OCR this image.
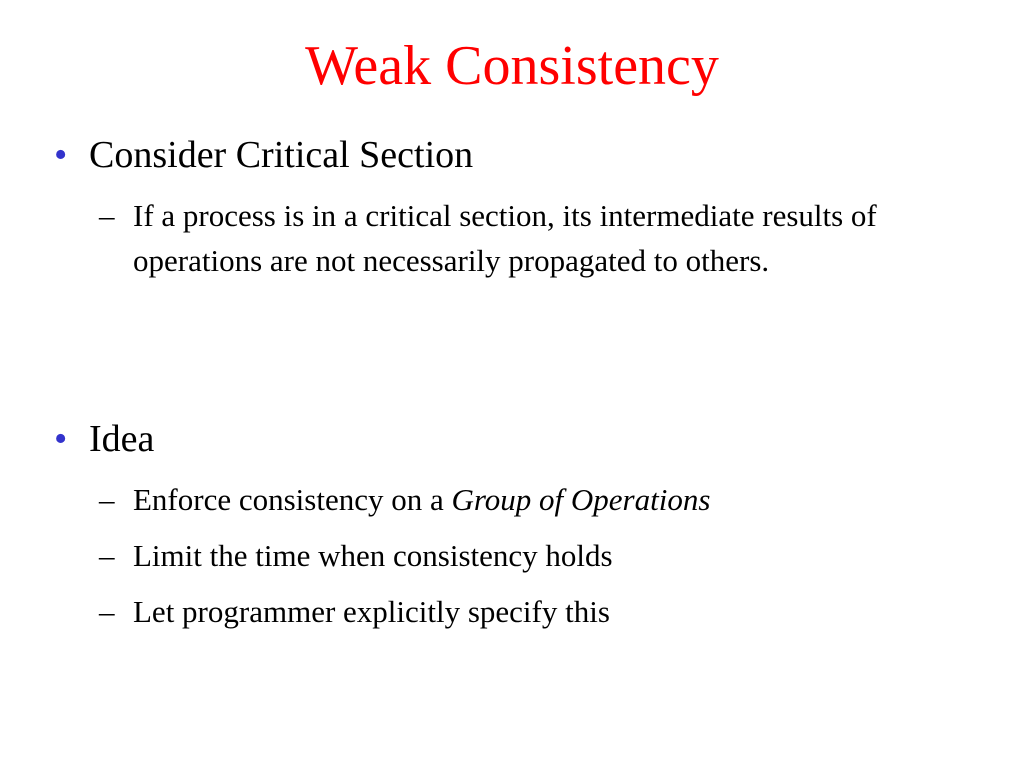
Weak Consistency
• Consider Critical Section
– If a process is in a critical section, its intermediate results of operations are not necessarily propagated to others.
• Idea
– Enforce consistency on a Group of Operations
– Limit the time when consistency holds
– Let programmer explicitly specify this
